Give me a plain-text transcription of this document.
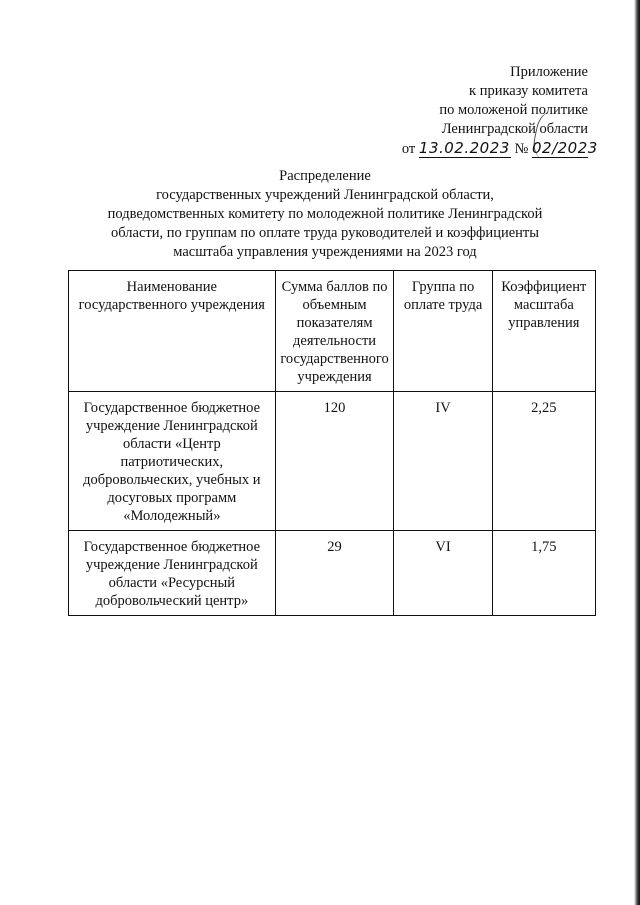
Приложение
к приказу комитета
по моложеной политике
Ленинградской области
от 13.02.2023 № 02/2023
Распределение
государственных учреждений Ленинградской области,
подведомственных комитету по молодежной политике Ленинградской
области, по группам по оплате труда руководителей и коэффициенты
масштаба управления учреждениями на 2023 год
Наименование государственного учреждения	Сумма баллов по объемным показателям деятельности государственного учреждения	Группа по оплате труда	Коэффициент масштаба управления
Государственное бюджетное учреждение Ленинградской области «Центр патриотических, добровольческих, учебных и досуговых программ «Молодежный»	120	IV	2,25
Государственное бюджетное учреждение Ленинградской области «Ресурсный добровольческий центр»	29	VI	1,75
